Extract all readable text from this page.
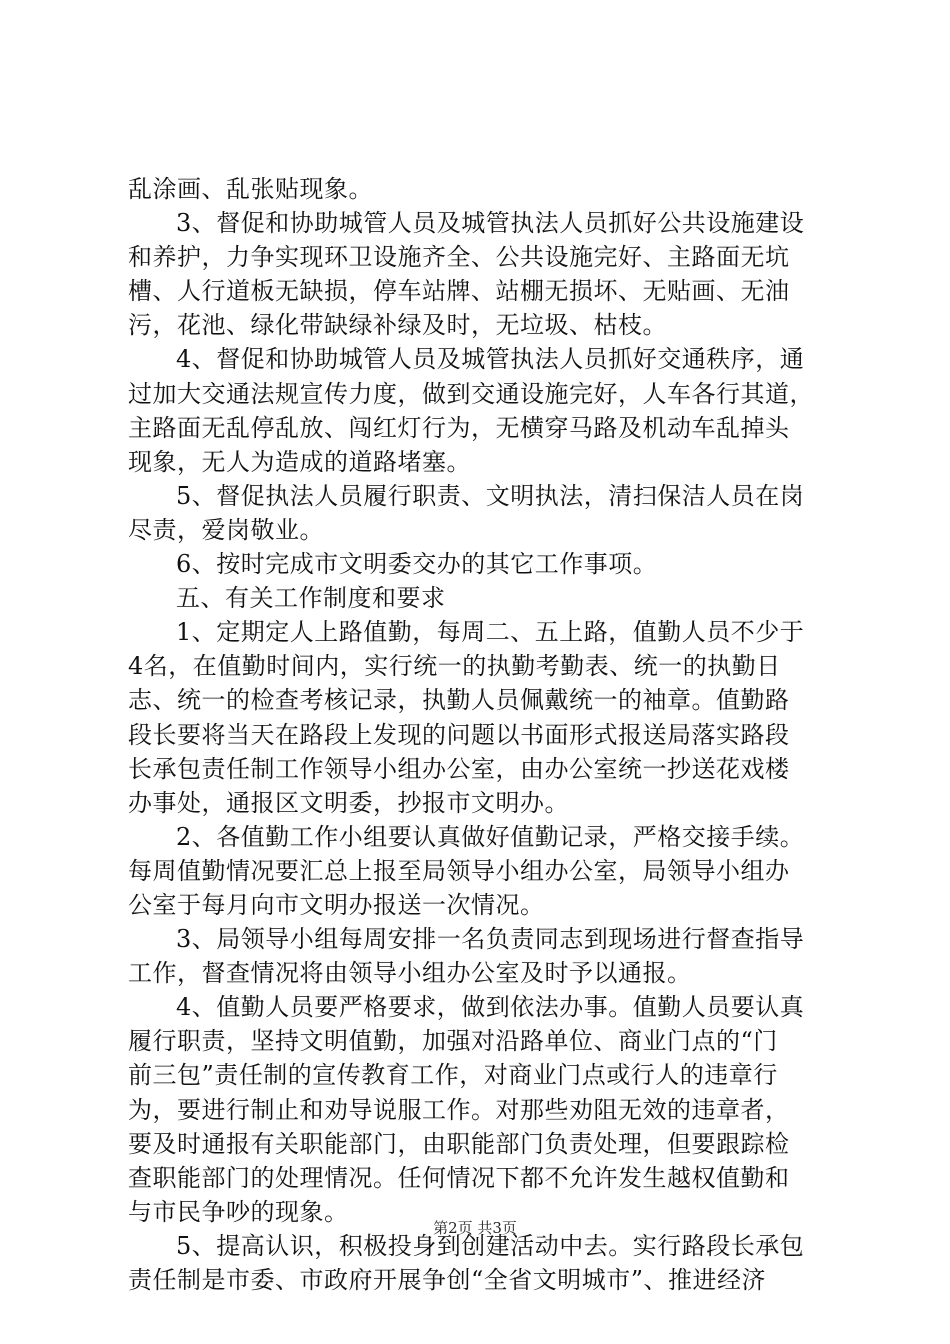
乱涂画、乱张贴现象。
3、督促和协助城管人员及城管执法人员抓好公共设施建设
和养护，力争实现环卫设施齐全、公共设施完好、主路面无坑
槽、人行道板无缺损，停车站牌、站棚无损坏、无贴画、无油
污，花池、绿化带缺绿补绿及时，无垃圾、枯枝。
4、督促和协助城管人员及城管执法人员抓好交通秩序，通
过加大交通法规宣传力度，做到交通设施完好，人车各行其道，
主路面无乱停乱放、闯红灯行为，无横穿马路及机动车乱掉头
现象，无人为造成的道路堵塞。
5、督促执法人员履行职责、文明执法，清扫保洁人员在岗
尽责，爱岗敬业。
6、按时完成市文明委交办的其它工作事项。
五、有关工作制度和要求
1、定期定人上路值勤，每周二、五上路，值勤人员不少于
4名，在值勤时间内，实行统一的执勤考勤表、统一的执勤日
志、统一的检查考核记录，执勤人员佩戴统一的袖章。值勤路
段长要将当天在路段上发现的问题以书面形式报送局落实路段
长承包责任制工作领导小组办公室，由办公室统一抄送花戏楼
办事处，通报区文明委，抄报市文明办。
2、各值勤工作小组要认真做好值勤记录，严格交接手续。
每周值勤情况要汇总上报至局领导小组办公室，局领导小组办
公室于每月向市文明办报送一次情况。
3、局领导小组每周安排一名负责同志到现场进行督查指导
工作，督查情况将由领导小组办公室及时予以通报。
4、值勤人员要严格要求，做到依法办事。值勤人员要认真
履行职责，坚持文明值勤，加强对沿路单位、商业门点的“门
前三包”责任制的宣传教育工作，对商业门点或行人的违章行
为，要进行制止和劝导说服工作。对那些劝阻无效的违章者，
要及时通报有关职能部门，由职能部门负责处理，但要跟踪检
查职能部门的处理情况。任何情况下都不允许发生越权值勤和
与市民争吵的现象。
5、提高认识，积极投身到创建活动中去。实行路段长承包
责任制是市委、市政府开展争创“全省文明城市”、推进经济
第2页 共3页
